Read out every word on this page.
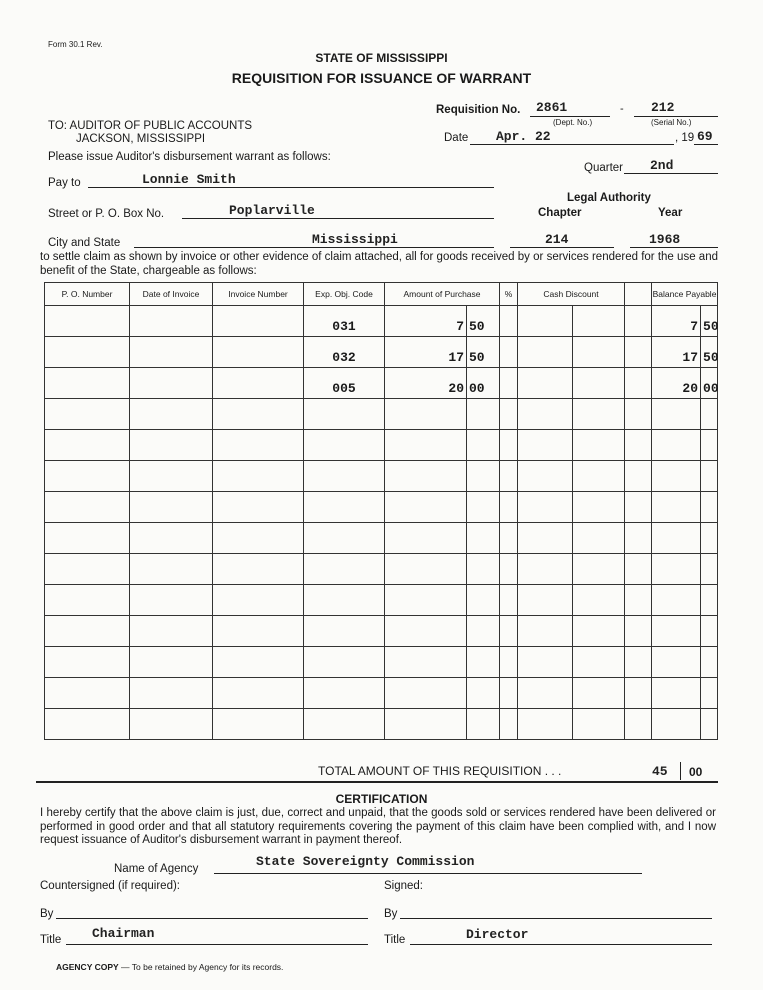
Form 30.1 Rev.
STATE OF MISSISSIPPI
REQUISITION FOR ISSUANCE OF WARRANT
Requisition No. 2861	- 212
(Dept. No.)	(Serial No.)
Date Apr. 22	, 19 69
TO: AUDITOR OF PUBLIC ACCOUNTS
JACKSON, MISSISSIPPI
Please issue Auditor's disbursement warrant as follows:
Quarter 2nd
Pay to	Lonnie Smith
Legal Authority
Chapter	Year
Street or P. O. Box No.	Poplarville
City and State	Mississippi	214	1968
to settle claim as shown by invoice or other evidence of claim attached, all for goods received by or services rendered for the use and benefit of the State, chargeable as follows:
P. O. Number	Date of Invoice	Invoice Number	Exp. Obj. Code	Amount of Purchase		%	Cash Discount			Balance Payable	
			031	7	50					7	50
			032	17	50					17	50
			005	20	00					20	00

TOTAL AMOUNT OF THIS REQUISITION . . .	45 00
CERTIFICATION
I hereby certify that the above claim is just, due, correct and unpaid, that the goods sold or services rendered have been delivered or performed in good order and that all statutory requirements covering the payment of this claim have been complied with, and I now request issuance of Auditor's disbursement warrant in payment thereof.
Name of Agency	State Sovereignty Commission
Countersigned (if required):	Signed:
By	By
Title Chairman	Title	Director
AGENCY COPY — To be retained by Agency for its records.
